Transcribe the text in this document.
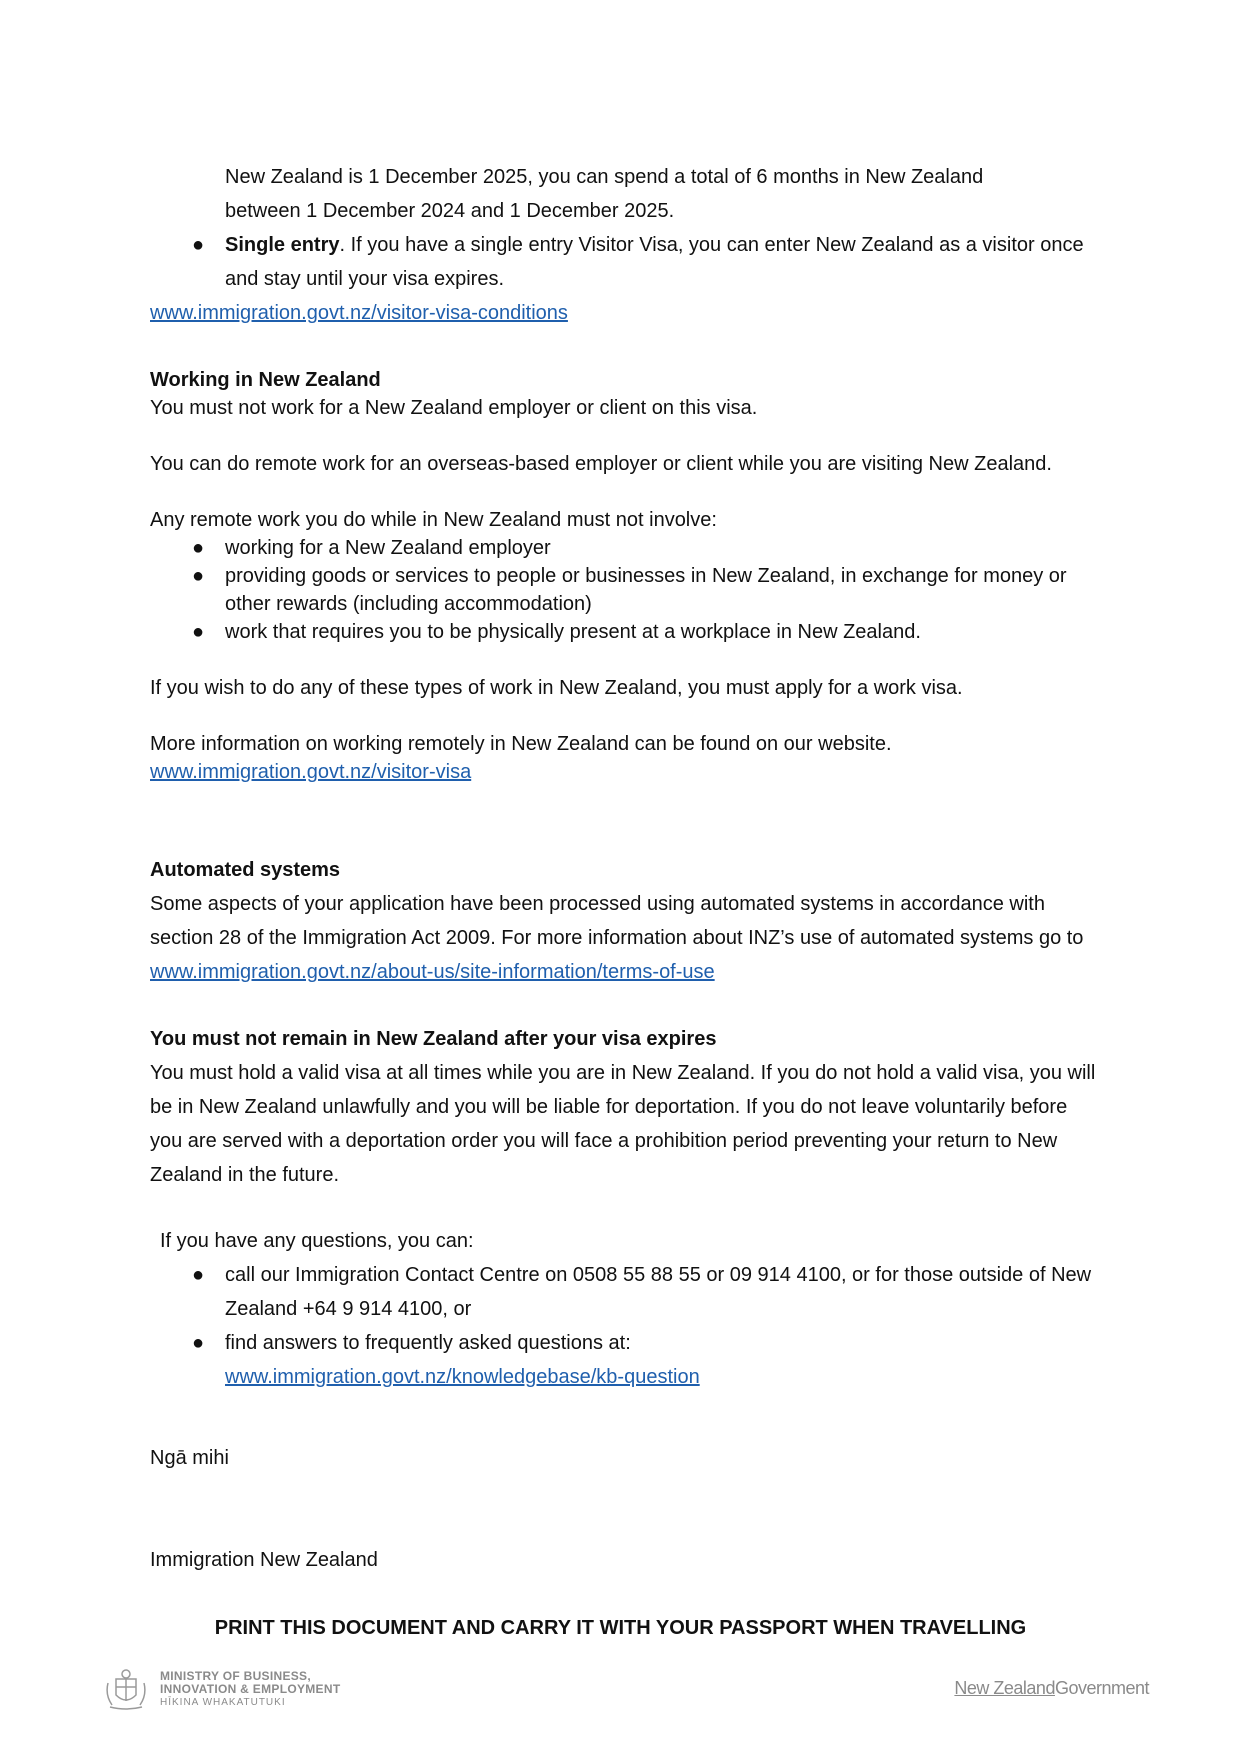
New Zealand is 1 December 2025, you can spend a total of 6 months in New Zealand
between 1 December 2024 and 1 December 2025.

● Single entry. If you have a single entry Visitor Visa, you can enter New Zealand as a visitor once and stay until your visa expires.

www.immigration.govt.nz/visitor-visa-conditions

Working in New Zealand

You must not work for a New Zealand employer or client on this visa.

You can do remote work for an overseas-based employer or client while you are visiting New Zealand.

Any remote work you do while in New Zealand must not involve:

● working for a New Zealand employer
● providing goods or services to people or businesses in New Zealand, in exchange for money or other rewards (including accommodation)
● work that requires you to be physically present at a workplace in New Zealand.

If you wish to do any of these types of work in New Zealand, you must apply for a work visa.

More information on working remotely in New Zealand can be found on our website.

www.immigration.govt.nz/visitor-visa

Automated systems

Some aspects of your application have been processed using automated systems in accordance with section 28 of the Immigration Act 2009. For more information about INZ’s use of automated systems go to www.immigration.govt.nz/about-us/site-information/terms-of-use

You must not remain in New Zealand after your visa expires

You must hold a valid visa at all times while you are in New Zealand. If you do not hold a valid visa, you will be in New Zealand unlawfully and you will be liable for deportation. If you do not leave voluntarily before you are served with a deportation order you will face a prohibition period preventing your return to New Zealand in the future.

If you have any questions, you can:

● call our Immigration Contact Centre on 0508 55 88 55 or 09 914 4100, or for those outside of New Zealand +64 9 914 4100, or
● find answers to frequently asked questions at:
www.immigration.govt.nz/knowledgebase/kb-question

Ngā mihi

Immigration New Zealand

PRINT THIS DOCUMENT AND CARRY IT WITH YOUR PASSPORT WHEN TRAVELLING
MINISTRY OF BUSINESS,
INNOVATION & EMPLOYMENT
HĪKINA WHAKATUTUKI
New ZealandGovernment
